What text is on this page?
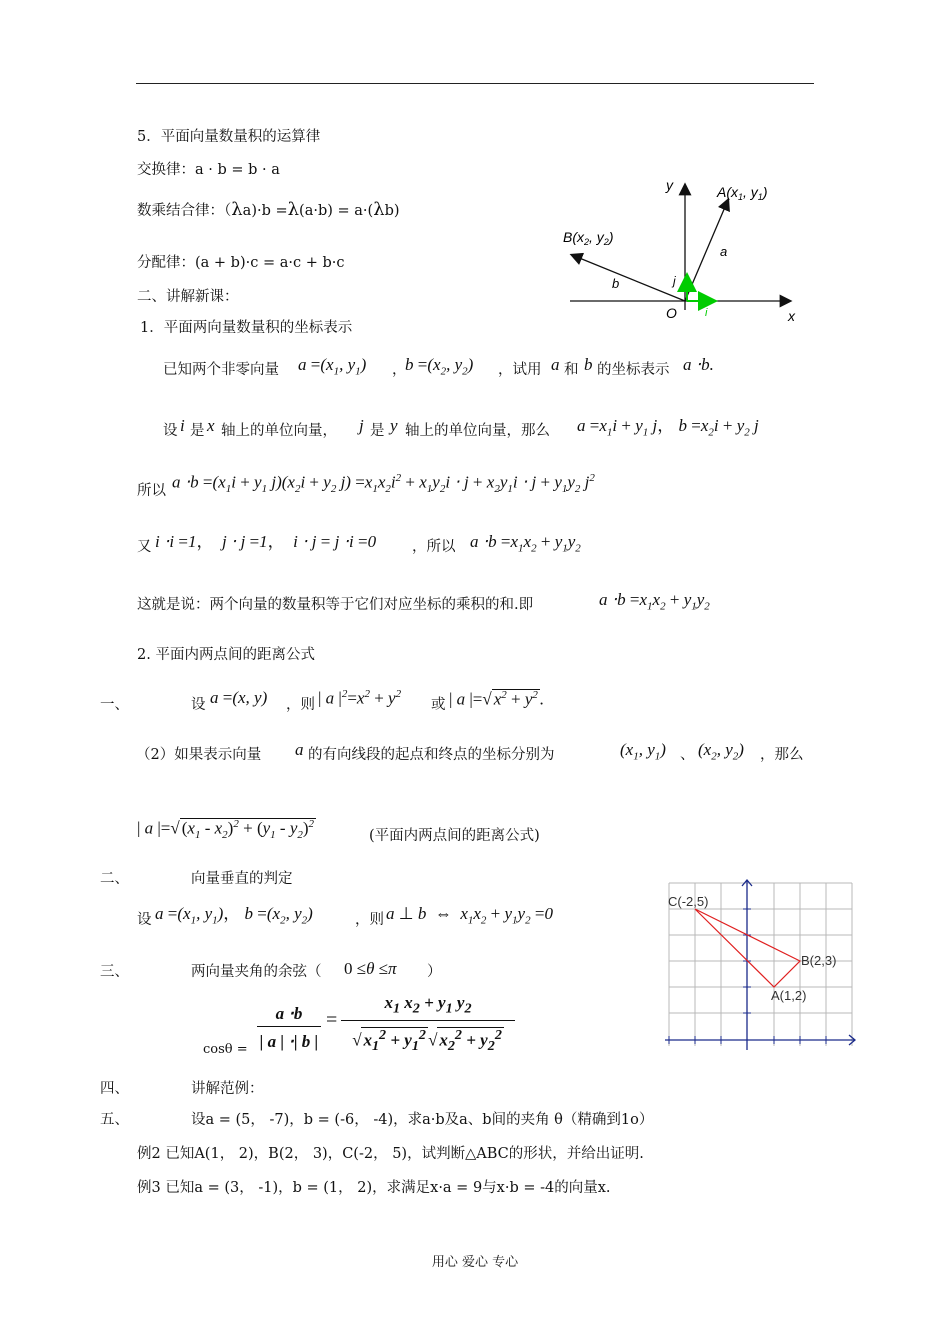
5．平面向量数量积的运算律
交换律：a · b = b · a
数乘结合律：（λa)·b =λ(a·b) = a·(λb)
分配律：(a + b)·c = a·c + b·c
二、讲解新课：
1．平面两向量数量积的坐标表示
y
x
O
$A(x_1$, $y_1$)
$B(x_2$, $y_2$)
a
b	j
i
已知两个非零向量 $a =(x_1$, $y_1$) ，
$b =(x_2$, $y_2$) ，试用 a 和 b 的坐标表示 a ⋅b.
设 i 是 x 轴上的单位向量， j 是 y 轴上的单位向量，那么 $a =x_1i + y_1$ j， $b =x_2i + y_2$ j
所以 $a \cdot b =(x_1i + y_1$ $j)(x_2i + y_2$ $j) =x_1x_2i^2 + x_1y_2i \cdot j + x_2y_1i \cdot j + y_1y_2$ $j^2$
又 i ⋅i =1，  j ⋅ j =1，  i ⋅ j = j ⋅i =0 ，所以 $a \cdot b =x_1x_2 + y_1y_2$
这就是说：两个向量的数量积等于它们对应坐标的乘积的和.即	$a \cdot b =x_1x_2 + y_1y_2$
2. 平面内两点间的距离公式
一、	设 a =(x, y) ，则 | a $|^2=x^2 + y^2$
或 | a |=√ $x^2 + y^2$ .
（2）如果表示向量 a 的有向线段的起点和终点的坐标分别为	($x_1$, $y_1$) 、 ($x_2$, $y_2$) ，那么
| a |=√ $(x_1 - x_2)^2 + (y_1 - y_2)^2$
(平面内两点间的距离公式)
二、	向量垂直的判定
设 $a =(x_1$, $y_1$)， $b =(x_2$, $y_2$)	，则 a ⊥ b  ⇔  $x_1x_2 + y_1y_2 =0$
三、	两向量夹角的余弦（ 0 ≤θ ≤π ）
$\cos\theta = \frac{a \cdot b}{| a | \cdot| b |} = \frac{x_1 x_2 + y_1 y_2}{√ x_1^2 + y_1^2 √ x_2^2 + y_2^2}$
C(-2,5)
B(2,3)
A(1,2)
四、	讲解范例：
五、	设a = (5， -7)，b = (-6， -4)，求a·b及a、b间的夹角 θ（精确到1o）
例2 已知A(1， 2)，B(2， 3)，C(-2， 5)，试判断△ABC的形状，并给出证明.
例3 已知a = (3， -1)，b = (1， 2)，求满足x·a = 9与x·b = -4的向量x.
用心 爱心 专心
